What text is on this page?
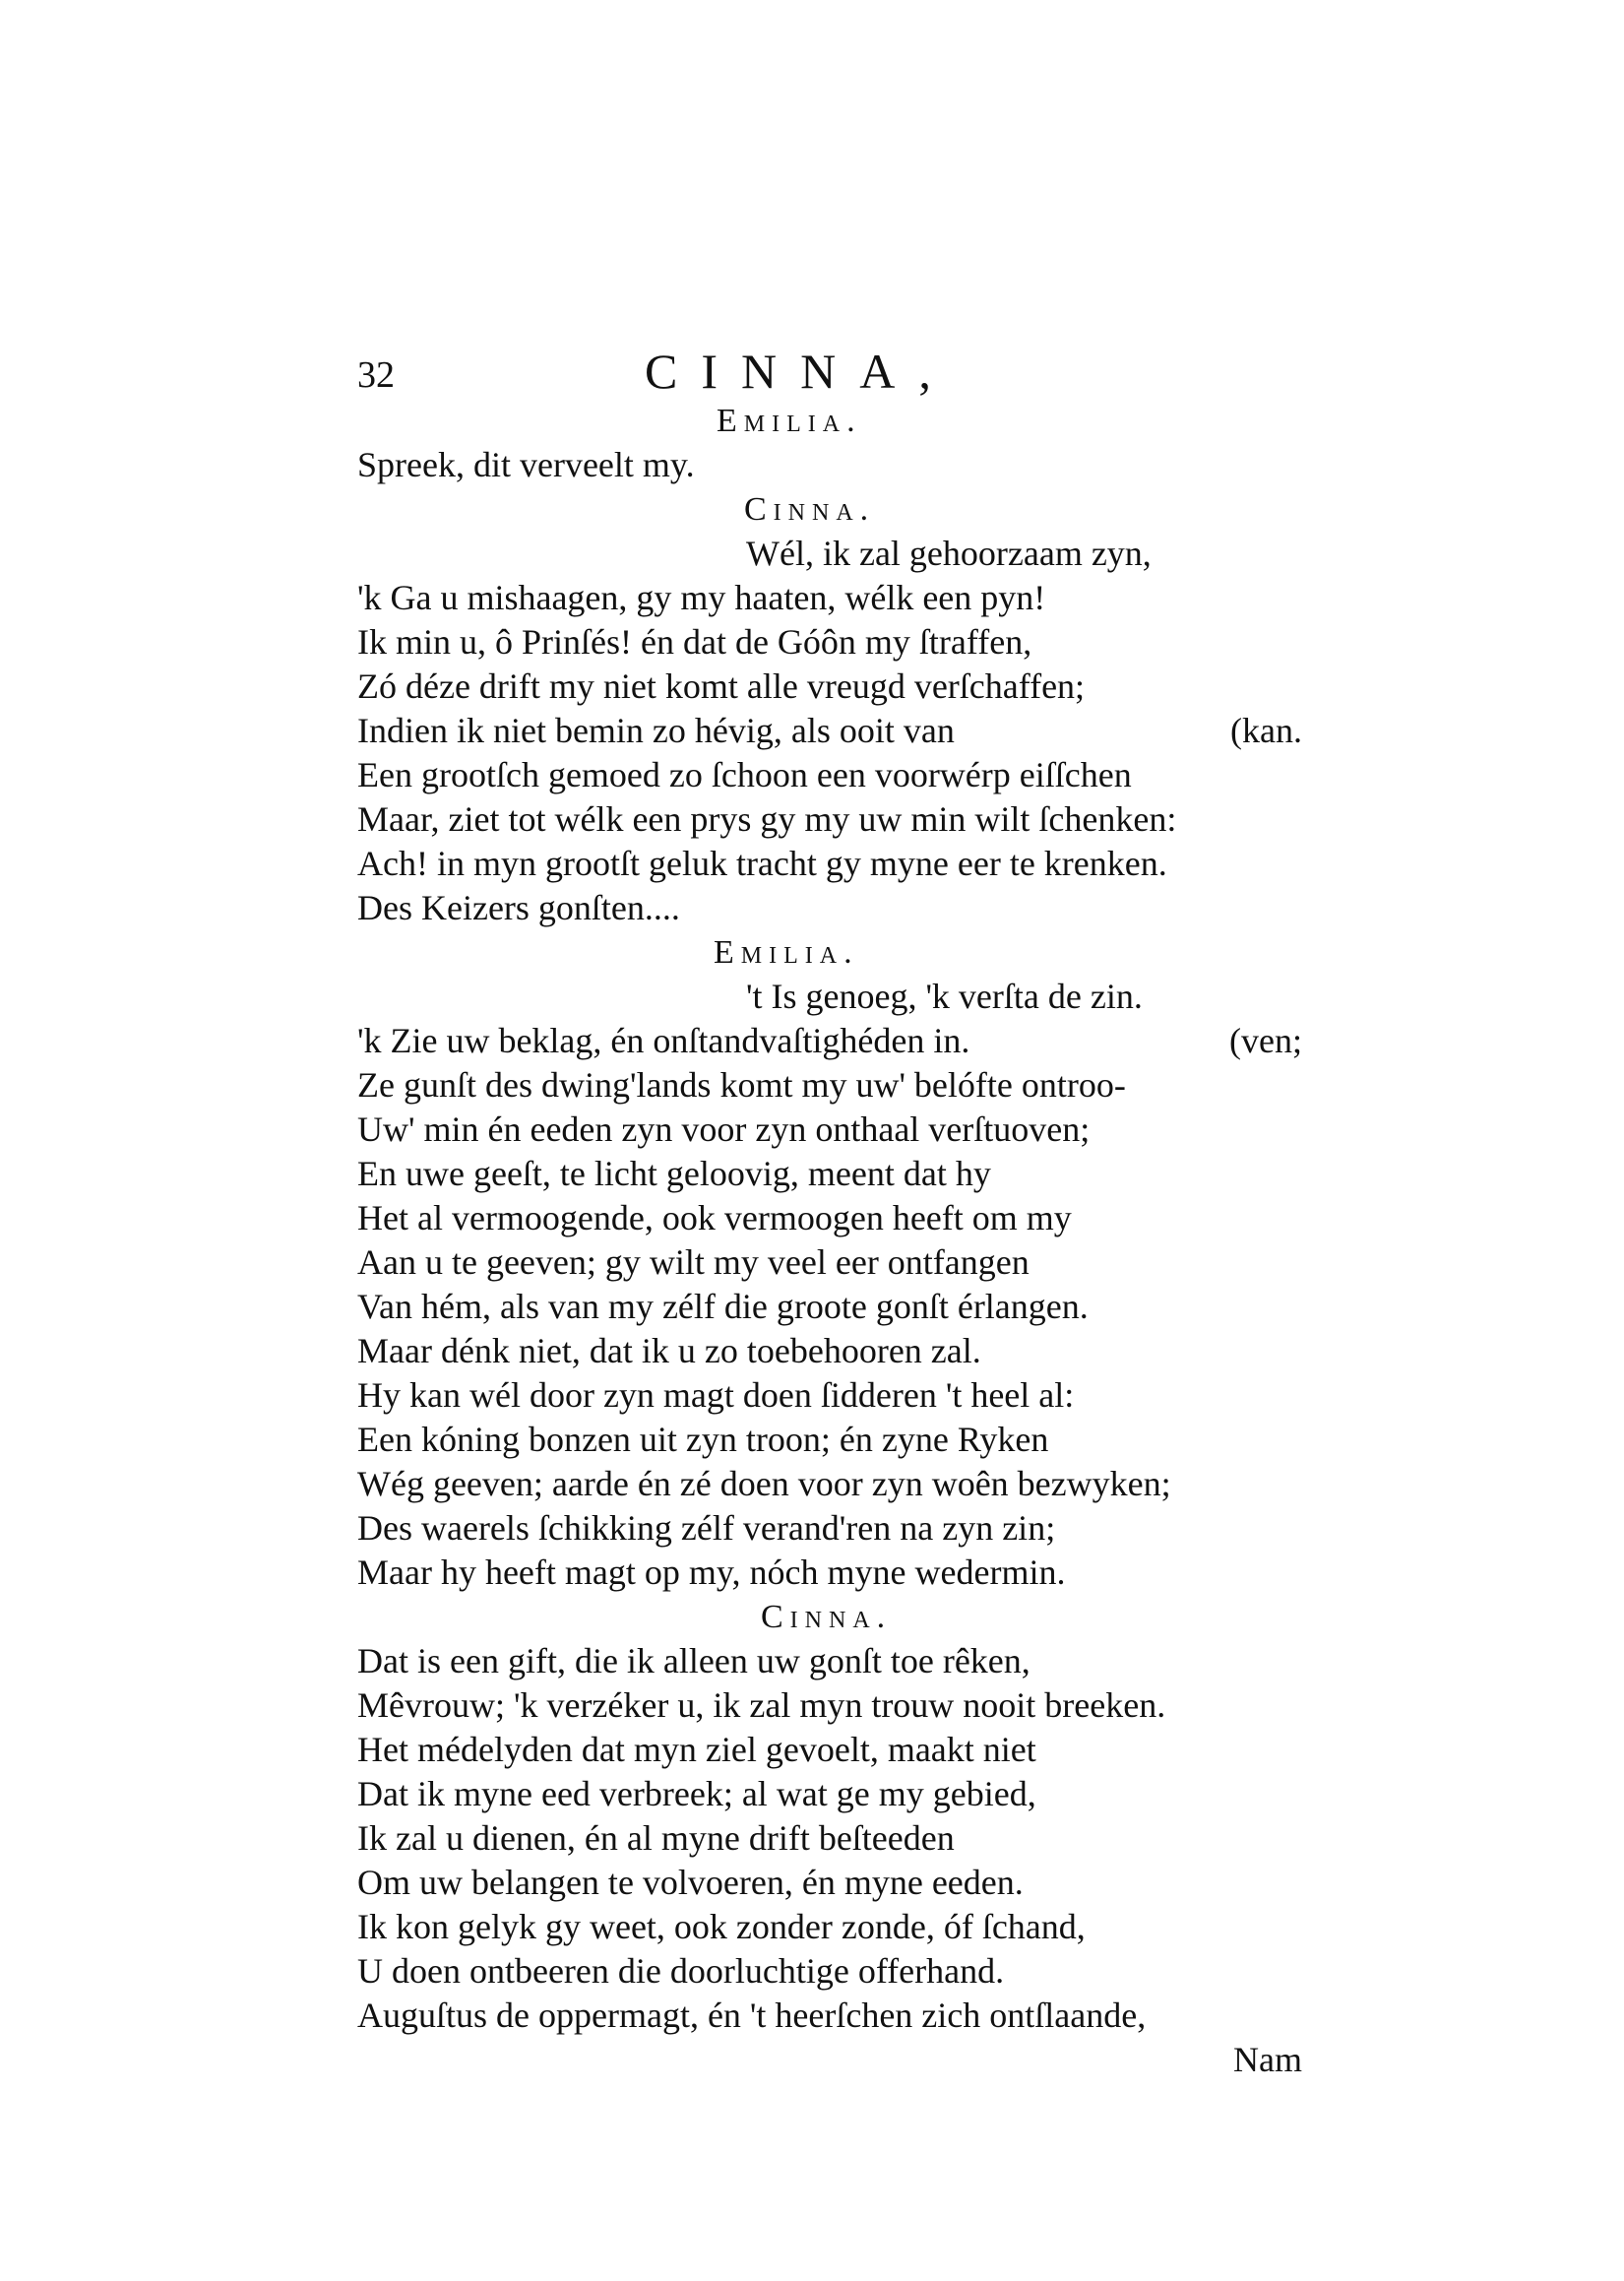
32	CINNA,
Emilia.
Spreek, dit verveelt my.
Cinna.
Wél, ik zal gehoorzaam zyn,
'k Ga u mishaagen, gy my haaten, wélk een pyn!
Ik min u, ô Prinſés! én dat de Góôn my ſtraffen,
Zó déze drift my niet komt alle vreugd verſchaffen;
Indien ik niet bemin zo hévig, als ooit van	(kan.
Een grootſch gemoed zo ſchoon een voorwérp eiſſchen
Maar, ziet tot wélk een prys gy my uw min wilt ſchenken:
Ach! in myn grootſt geluk tracht gy myne eer te krenken.
Des Keizers gonſten....
Emilia.
't Is genoeg, 'k verſta de zin.
'k Zie uw beklag, én onſtandvaſtighéden in.	(ven;
Ze gunſt des dwing'lands komt my uw' belófte ontroo-
Uw' min én eeden zyn voor zyn onthaal verſtuoven;
En uwe geeſt, te licht geloovig, meent dat hy
Het al vermoogende, ook vermoogen heeft om my
Aan u te geeven; gy wilt my veel eer ontfangen
Van hém, als van my zélf die groote gonſt érlangen.
Maar dénk niet, dat ik u zo toebehooren zal.
Hy kan wél door zyn magt doen ſidderen 't heel al:
Een kóning bonzen uit zyn troon; én zyne Ryken
Wég geeven; aarde én zé doen voor zyn woên bezwyken;
Des waerels ſchikking zélf verand'ren na zyn zin;
Maar hy heeft magt op my, nóch myne wedermin.
Cinna.
Dat is een gift, die ik alleen uw gonſt toe rêken,
Mêvrouw; 'k verzéker u, ik zal myn trouw nooit breeken.
Het médelyden dat myn ziel gevoelt, maakt niet
Dat ik myne eed verbreek; al wat ge my gebied,
Ik zal u dienen, én al myne drift beſteeden
Om uw belangen te volvoeren, én myne eeden.
Ik kon gelyk gy weet, ook zonder zonde, óf ſchand,
U doen ontbeeren die doorluchtige offerhand.
Auguſtus de oppermagt, én 't heerſchen zich ontſlaande,
Nam
